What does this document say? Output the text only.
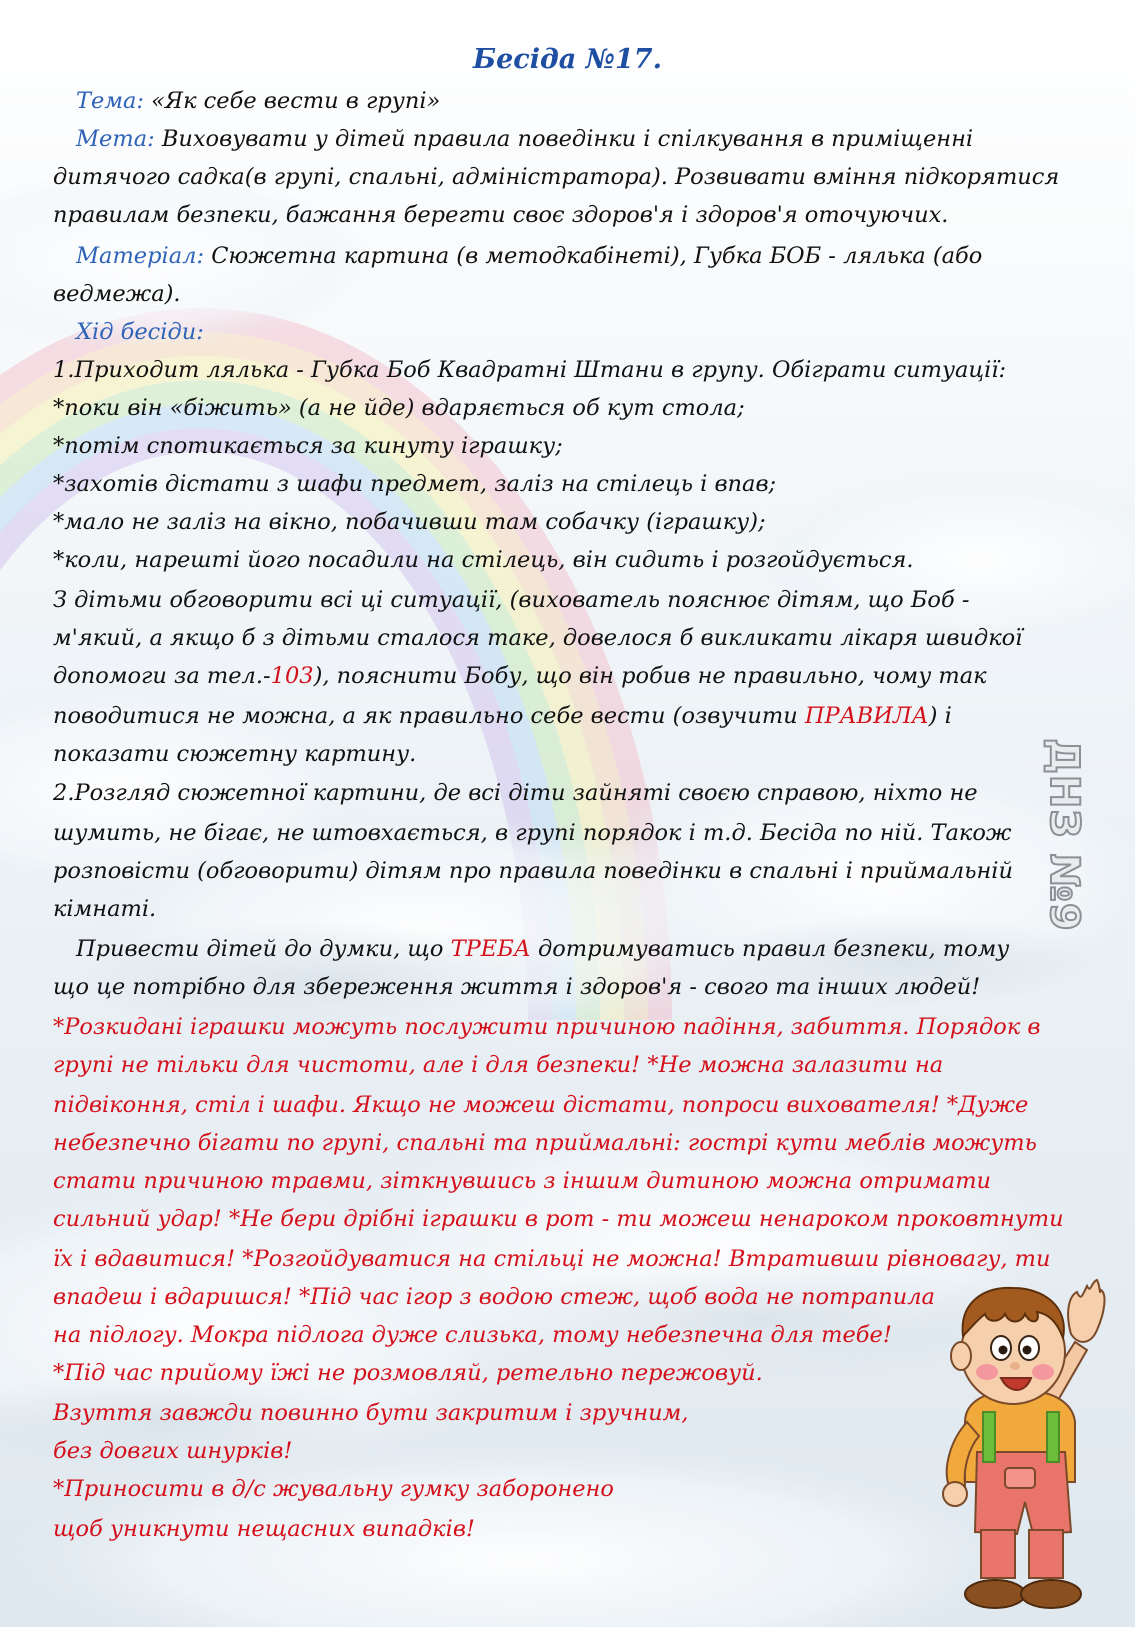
Бесіда №17.

Тема: «Як себе вести в групі»

Мета: Виховувати у дітей правила поведінки і спілкування в приміщенні

дитячого садка(в групі, спальні, адміністратора). Розвивати вміння підкорятися

правилам безпеки, бажання берегти своє здоров'я і здоров'я оточуючих.

Матеріал: Сюжетна картина (в методкабінеті), Губка БОБ - лялька (або

ведмежа).

Хід бесіди:

1.Приходит лялька - Губка Боб Квадратні Штани в групу. Обіграти ситуації:

*поки він «біжить» (а не йде) вдаряється об кут стола;

*потім спотикається за кинуту іграшку;

*захотів дістати з шафи предмет, заліз на стілець і впав;

*мало не заліз на вікно, побачивши там собачку (іграшку);

*коли, нарешті його посадили на стілець, він сидить і розгойдується.

З дітьми обговорити всі ці ситуації, (вихователь пояснює дітям, що Боб -

м'який, а якщо б з дітьми сталося таке, довелося б викликати лікаря швидкої

допомоги за тел.-103), пояснити Бобу, що він робив не правильно, чому так

поводитися не можна, а як правильно себе вести (озвучити ПРАВИЛА) і

показати сюжетну картину.

2.Розгляд сюжетної картини, де всі діти зайняті своєю справою, ніхто не

шумить, не бігає, не штовхається, в групі порядок і т.д. Бесіда по ній. Також

розповісти (обговорити) дітям про правила поведінки в спальні і приймальній

кімнаті.

Привести дітей до думки, що ТРЕБА дотримуватись правил безпеки, тому

що це потрібно для збереження життя і здоров'я - свого та інших людей!

*Розкидані іграшки можуть послужити причиною падіння, забиття. Порядок в

групі не тільки для чистоти, але і для безпеки! *Не можна залазити на

підвіконня, стіл і шафи. Якщо не можеш дістати, попроси вихователя! *Дуже

небезпечно бігати по групі, спальні та приймальні: гострі кути меблів можуть

стати причиною травми, зіткнувшись з іншим дитиною можна отримати

сильний удар! *Не бери дрібні іграшки в рот - ти можеш ненароком проковтнути

їх і вдавитися! *Розгойдуватися на стільці не можна! Втративши рівновагу, ти

впадеш і вдаришся! *Під час ігор з водою стеж, щоб вода не потрапила

на підлогу. Мокра підлога дуже слизька, тому небезпечна для тебе!

*Під час прийому їжі не розмовляй, ретельно пережовуй.

Взуття завжди повинно бути закритим і зручним,

без довгих шнурків!

*Приносити в д/с жувальну гумку заборонено

щоб уникнути нещасних випадків!

ДНЗ №9
